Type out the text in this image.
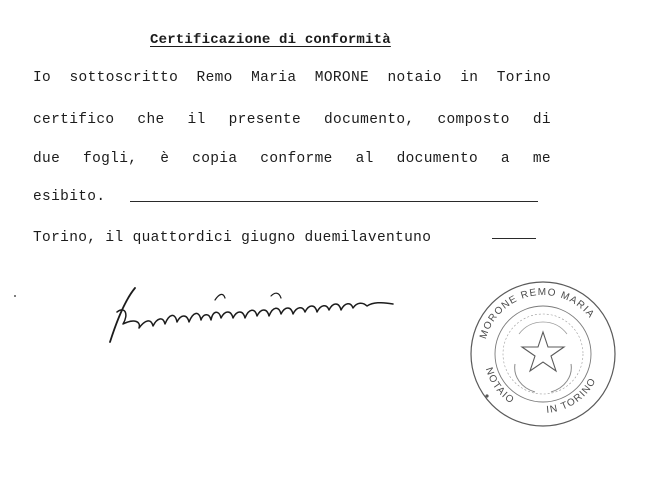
Certificazione di conformità
Io sottoscritto Remo Maria MORONE notaio in Torino
certifico che il presente documento, composto di
due fogli, è copia conforme al documento a me
esibito.
Torino, il quattordici giugno duemilaventuno
MORONE REMO MARIA
NOTAIO
IN TORINO
